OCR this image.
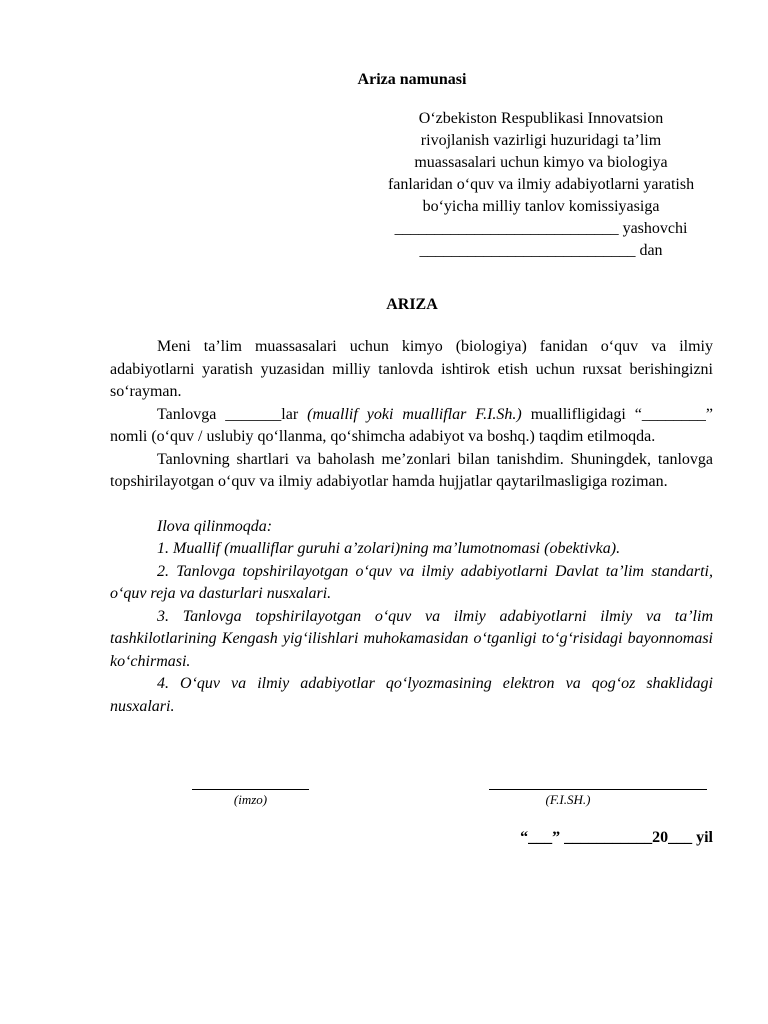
Ariza namunasi
O‘zbekiston Respublikasi Innovatsion
rivojlanish vazirligi huzuridagi ta’lim
muassasalari uchun kimyo va biologiya
fanlaridan o‘quv va ilmiy adabiyotlarni yaratish
bo‘yicha milliy tanlov komissiyasiga
____________________________ yashovchi
___________________________ dan
ARIZA

Meni ta’lim muassasalari uchun kimyo (biologiya) fanidan o‘quv va ilmiy adabiyotlarni yaratish yuzasidan milliy tanlovda ishtirok etish uchun ruxsat berishingizni so‘rayman.

Tanlovga _______lar (muallif yoki mualliflar F.I.Sh.) mualliflig‌idagi “________” nomli (o‘quv / uslubiy qo‘llanma, qo‘shimcha adabiyot va boshq.) taqdim etilmoqda.

Tanlovning shartlari va baholash me’zonlari bilan tanishdim. Shuningdek, tanlovga topshirilayotgan o‘quv va ilmiy adabiyotlar hamda hujjatlar qaytarilmasligiga roziman.

Ilova qilinmoqda:

1. Muallif (mualliflar guruhi a’zolari)ning ma’lumotnomasi (obektivka).

2. Tanlovga topshirilayotgan o‘quv va ilmiy adabiyotlarni Davlat ta’lim standarti, o‘quv reja va dasturlari nusxalari.

3. Tanlovga topshirilayotgan o‘quv va ilmiy adabiyotlarni ilmiy va ta’lim tashkilotlarining Kengash yig‘ilishlari muhokamasidan o‘tganligi to‘g‘risidagi bayonnomasi ko‘chirmasi.

4. O‘quv va ilmiy adabiyotlar qo‘lyozmasining elektron va qog‘oz shaklidagi nusxalari.

(imzo)	(F.I.SH.)
“___” ___________20___ yil
